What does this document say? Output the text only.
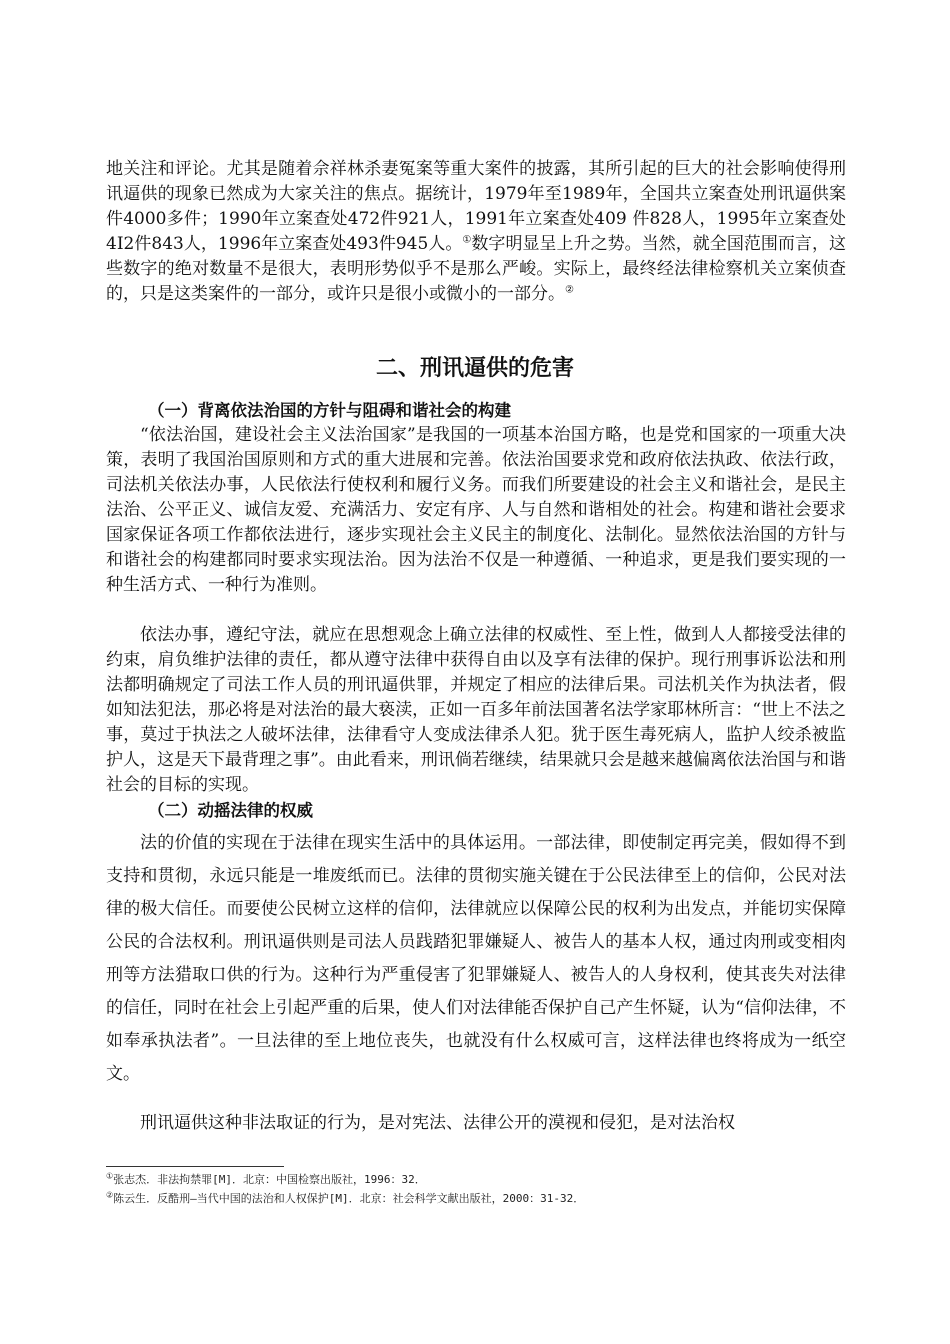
地关注和评论。尤其是随着佘祥林杀妻冤案等重大案件的披露，其所引起的巨大的社会影响使得刑讯逼供的现象已然成为大家关注的焦点。据统计，1979年至1989年，全国共立案查处刑讯逼供案件4000多件；1990年立案查处472件921人，1991年立案查处409 件828人，1995年立案查处4I2件843人，1996年立案查处493件945人。①数字明显呈上升之势。当然，就全国范围而言，这些数字的绝对数量不是很大，表明形势似乎不是那么严峻。实际上，最终经法律检察机关立案侦查的，只是这类案件的一部分，或许只是很小或微小的一部分。②

二、刑讯逼供的危害
（一）背离依法治国的方针与阻碍和谐社会的构建

“依法治国，建设社会主义法治国家”是我国的一项基本治国方略，也是党和国家的一项重大决策，表明了我国治国原则和方式的重大进展和完善。依法治国要求党和政府依法执政、依法行政，司法机关依法办事，人民依法行使权利和履行义务。而我们所要建设的社会主义和谐社会，是民主法治、公平正义、诚信友爱、充满活力、安定有序、人与自然和谐相处的社会。构建和谐社会要求国家保证各项工作都依法进行，逐步实现社会主义民主的制度化、法制化。显然依法治国的方针与和谐社会的构建都同时要求实现法治。因为法治不仅是一种遵循、一种追求，更是我们要实现的一种生活方式、一种行为准则。

依法办事，遵纪守法，就应在思想观念上确立法律的权威性、至上性，做到人人都接受法律的约束，肩负维护法律的责任，都从遵守法律中获得自由以及享有法律的保护。现行刑事诉讼法和刑法都明确规定了司法工作人员的刑讯逼供罪，并规定了相应的法律后果。司法机关作为执法者，假如知法犯法，那必将是对法治的最大亵渎，正如一百多年前法国著名法学家耶林所言：“世上不法之事，莫过于执法之人破坏法律，法律看守人变成法律杀人犯。犹于医生毒死病人，监护人绞杀被监护人，这是天下最背理之事”。由此看来，刑讯倘若继续，结果就只会是越来越偏离依法治国与和谐社会的目标的实现。

（二）动摇法律的权威

法的价值的实现在于法律在现实生活中的具体运用。一部法律，即使制定再完美，假如得不到支持和贯彻，永远只能是一堆废纸而已。法律的贯彻实施关键在于公民法律至上的信仰，公民对法律的极大信任。而要使公民树立这样的信仰，法律就应以保障公民的权利为出发点，并能切实保障公民的合法权利。刑讯逼供则是司法人员践踏犯罪嫌疑人、被告人的基本人权，通过肉刑或变相肉刑等方法猎取口供的行为。这种行为严重侵害了犯罪嫌疑人、被告人的人身权利，使其丧失对法律的信任，同时在社会上引起严重的后果，使人们对法律能否保护自己产生怀疑，认为“信仰法律，不如奉承执法者”。一旦法律的至上地位丧失，也就没有什么权威可言，这样法律也终将成为一纸空文。

刑讯逼供这种非法取证的行为，是对宪法、法律公开的漠视和侵犯，是对法治权

①张志杰．非法拘禁罪[M]．北京：中国检察出版社，1996：32．

②陈云生．反酷刑—当代中国的法治和人权保护[M]．北京：社会科学文献出版社，2000：31-32．
